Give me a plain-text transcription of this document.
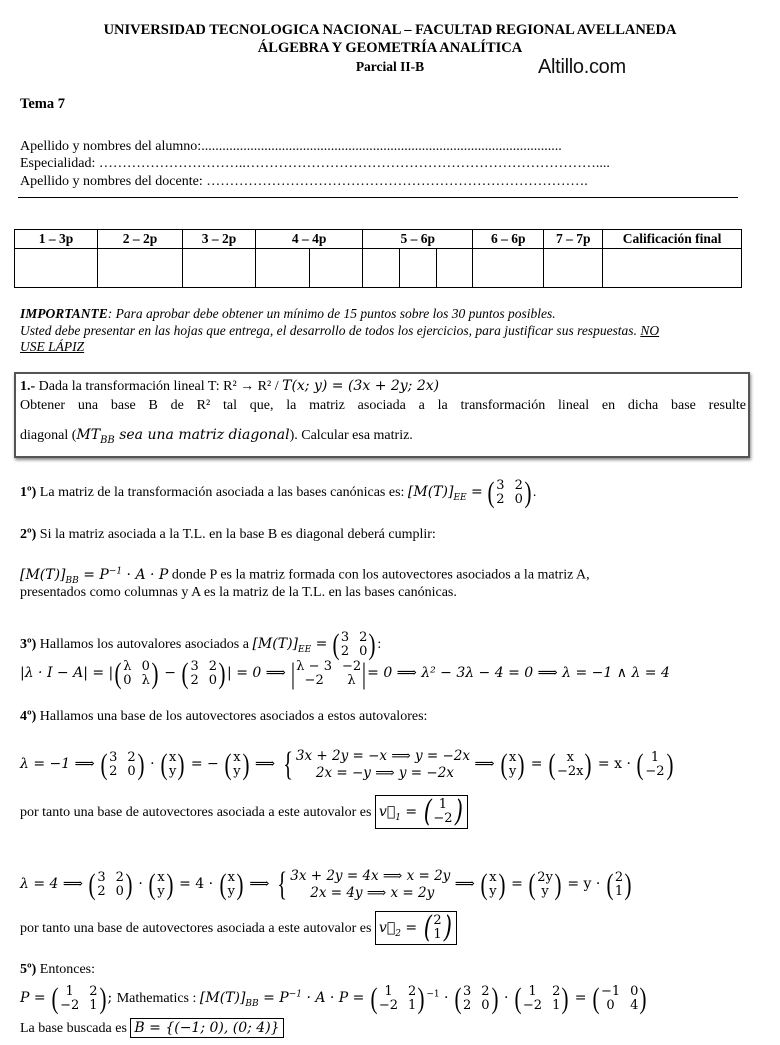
UNIVERSIDAD TECNOLOGICA NACIONAL – FACULTAD REGIONAL AVELLANEDA
ÁLGEBRA Y GEOMETRÍA ANALÍTICA
Parcial II-B	Altillo.com
Tema 7
Apellido y nombres del alumno:.......................................................................................................
Especialidad: …………………………..…………………………………………………………………....
Apellido y nombres del docente: ……………………………………………………………………….
1 – 3p	2 – 2p	3 – 2p	4 – 4p		5 – 6p			6 – 6p	7 – 7p	Calificación final

IMPORTANTE: Para aprobar debe obtener un mínimo de 15 puntos sobre los 30 puntos posibles.
Usted debe presentar en las hojas que entrega, el desarrollo de todos los ejercicios, para justificar sus respuestas. NO
USE LÁPIZ
1.- Dada la transformación lineal T: R² → R² / T(x; y) = (3x + 2y; 2x)
Obtener una base B de R² tal que, la matriz asociada a la transformación lineal en dicha base resulte
diagonal ($MT_{BB}$ sea una matriz diagonal). Calcular esa matriz.
1º) La matriz de la transformación asociada a las bases canónicas es: $[M(T)]_{EE}$ = ( 3 2
2 0 ) .
2º) Si la matriz asociada a la T.L. en la base B es diagonal deberá cumplir:
$[M(T)]_{BB} = P^{-1} \cdot A \cdot P$ donde P es la matriz formada con los autovectores asociados a la matriz A,
presentados como columnas y A es la matriz de la T.L. en las bases canónicas.
3º) Hallamos los autovalores asociados a $[M(T)]_{EE}$ = ( 3 2
2 0 ) :
|λ · I − A| = | ( λ 0
0 λ ) − ( 3 2
2 0 ) | = 0 ⟹ | λ − 3 −2
−2	λ | = 0 ⟹ λ² − 3λ − 4 = 0 ⟹ λ = −1 ∧ λ = 4
4º) Hallamos una base de los autovectores asociados a estos autovalores:
λ = −1 ⟹ ( 3 2
2 0 ) · ( x
y ) = − ( x
y ) ⟹ { 3x + 2y = −x ⟹ y = −2x
2x = −y ⟹ y = −2x
⟹ ( x
y ) = ( x
−2x ) = x · ( 1
−2 )
por tanto una base de autovectores asociada a este autovalor es $v⃗_1$ = ( 1
−2 )
λ = 4 ⟹ ( 3 2
2 0 ) · ( x
y ) = 4 · ( x
y ) ⟹ { 3x + 2y = 4x ⟹ x = 2y
2x = 4y ⟹ x = 2y
⟹ ( x
y ) = ( 2y
y ) = y · ( 2
1 )
por tanto una base de autovectores asociada a este autovalor es $v⃗_2$ = ( 2
1 )
5º) Entonces:
P = ( 1	2
−2 1 ) ; Mathematics : $[M(T)]_{BB} = P^{-1} \cdot A \cdot P$ = ( 1	2
−2 1 ) $^{-1}$ · ( 3 2
2 0 ) · ( 1	2
−2 1 ) = ( −1 0
0	4 )
La base buscada es B = {(−1; 0), (0; 4)}
